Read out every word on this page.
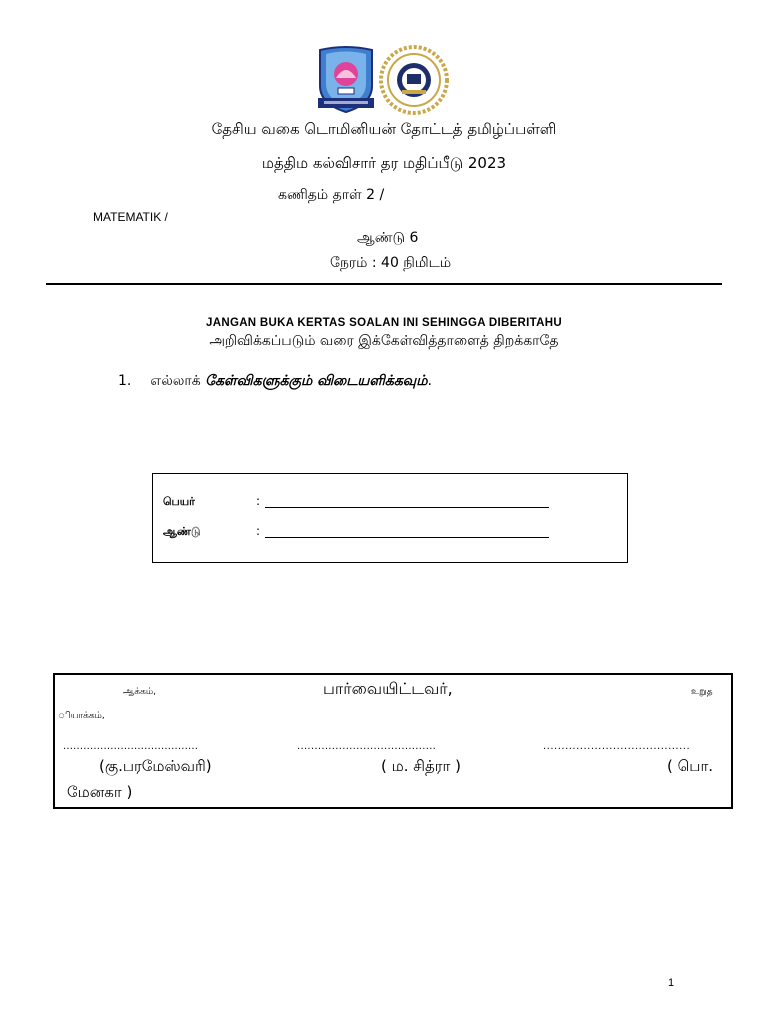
தேசிய வகை டொமினியன் தோட்டத் தமிழ்ப்பள்ளி
மத்திம கல்விசார் தர மதிப்பீடு 2023
கணிதம் தாள் 2 /
MATEMATIK /
ஆண்டு 6
நேரம் : 40 நிமிடம்
JANGAN BUKA KERTAS SOALAN INI SEHINGGA DIBERITAHU
அறிவிக்கப்படும் வரை இக்கேள்வித்தாளைத் திறக்காதே
1. எல்லாக் கேள்விகளுக்கும் விடையளிக்கவும்.
பெயர்	:
ஆண்டு	:
ஆக்கம்,	பார்வையிட்டவர்,	உறுத
ியாக்கம்,
........................................	........................................	........................................
(கு.பரமேஸ்வரி)	( ம. சித்ரா )	( பொ.
மேனகா )
1
